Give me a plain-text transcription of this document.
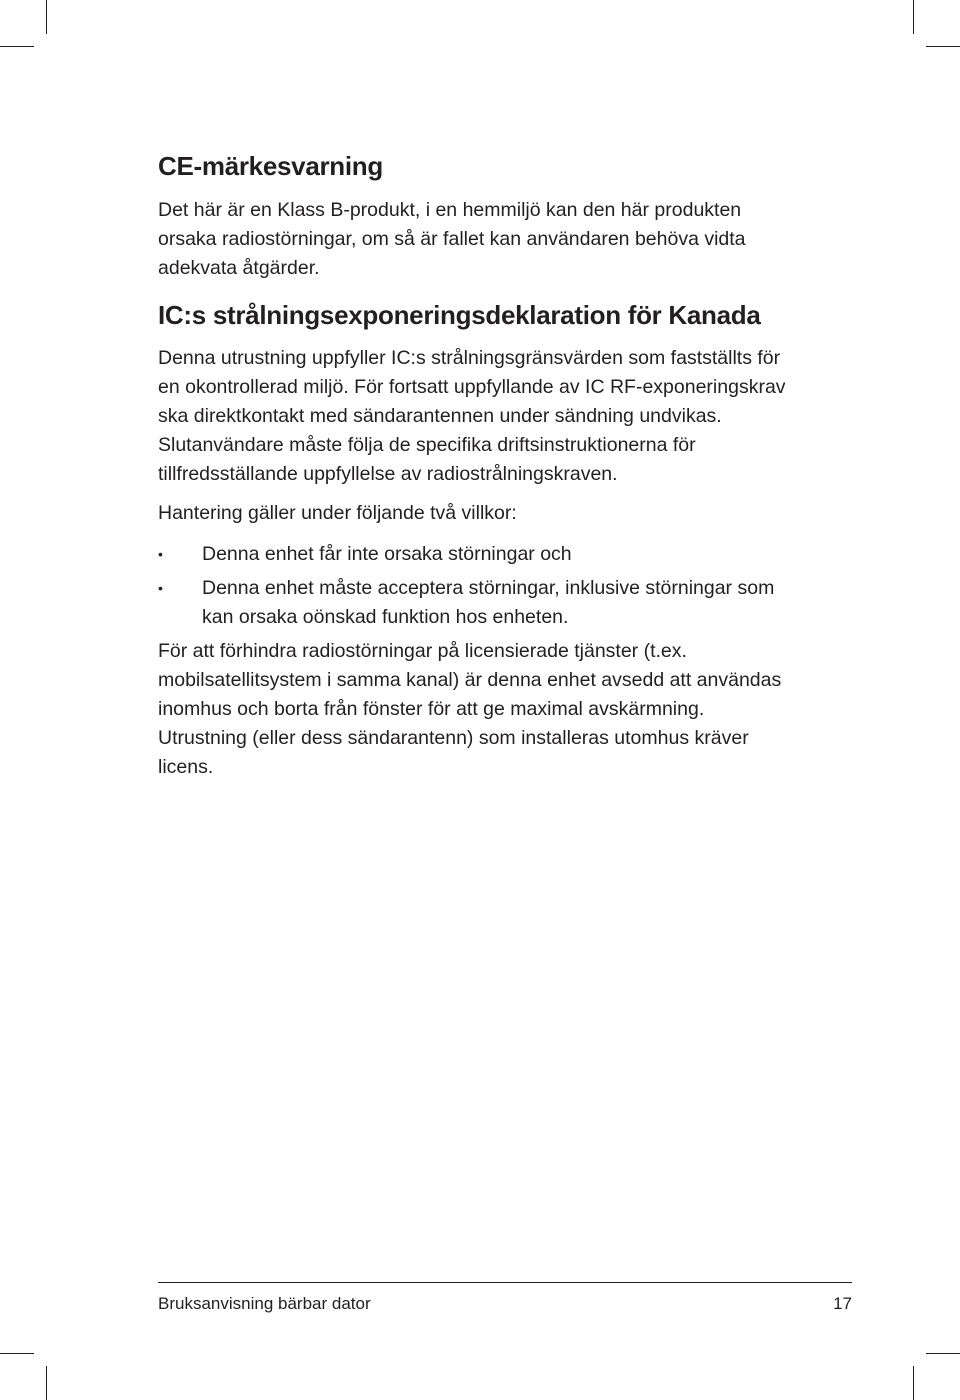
CE-märkesvarning

Det här är en Klass B-produkt, i en hemmiljö kan den här produkten orsaka radiostörningar, om så är fallet kan användaren behöva vidta adekvata åtgärder.

IC:s strålningsexponeringsdeklaration för Kanada

Denna utrustning uppfyller IC:s strålningsgränsvärden som fastställts för en okontrollerad miljö. För fortsatt uppfyllande av IC RF-exponeringskrav ska direktkontakt med sändarantennen under sändning undvikas. Slutanvändare måste följa de specifika driftsinstruktionerna för tillfredsställande uppfyllelse av radiostrålningskraven.

Hantering gäller under följande två villkor:

• Denna enhet får inte orsaka störningar och
• Denna enhet måste acceptera störningar, inklusive störningar som kan orsaka oönskad funktion hos enheten.

För att förhindra radiostörningar på licensierade tjänster (t.ex. mobilsatellitsystem i samma kanal) är denna enhet avsedd att användas inomhus och borta från fönster för att ge maximal avskärmning. Utrustning (eller dess sändarantenn) som installeras utomhus kräver licens.

Bruksanvisning bärbar dator	17
